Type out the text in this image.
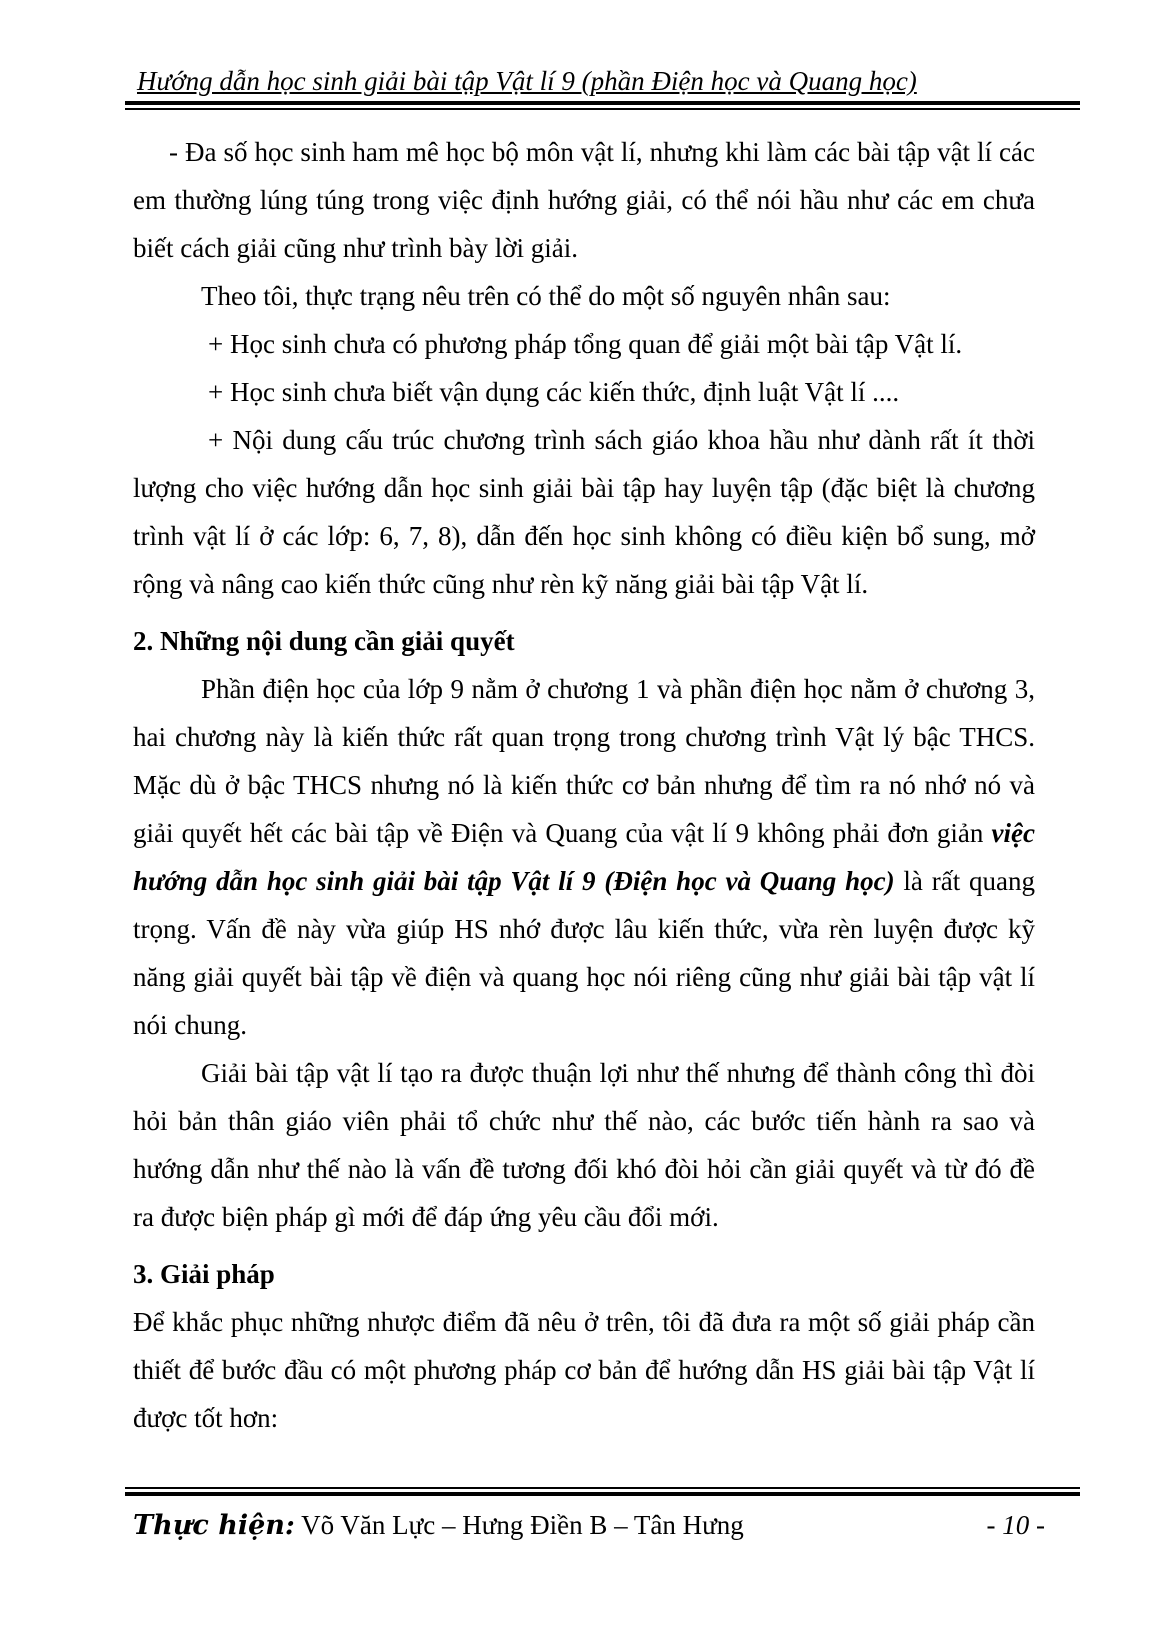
Hướng dẫn học sinh giải bài tập Vật lí 9 (phần Điện học và Quang học)

- Đa số học sinh ham mê học bộ môn vật lí, nhưng khi làm các bài tập vật lí các em thường lúng túng trong việc định hướng giải, có thể nói hầu như các em chưa biết cách giải cũng như trình bày lời giải.

Theo tôi, thực trạng nêu trên có thể do một số nguyên nhân sau:

+ Học sinh chưa có phương pháp tổng quan để giải một bài tập Vật lí.

+ Học sinh chưa biết vận dụng các kiến thức, định luật Vật lí ....

+ Nội dung cấu trúc chương trình sách giáo khoa hầu như dành rất ít thời lượng cho việc hướng dẫn học sinh giải bài tập hay luyện tập (đặc biệt là chương trình vật lí ở các lớp: 6, 7, 8), dẫn đến học sinh không có điều kiện bổ sung, mở rộng và nâng cao kiến thức cũng như rèn kỹ năng giải bài tập Vật lí.

2. Những nội dung cần giải quyết

Phần điện học của lớp 9 nằm ở chương 1 và phần điện học nằm ở chương 3, hai chương này là kiến thức rất quan trọng trong chương trình Vật lý bậc THCS. Mặc dù ở bậc THCS nhưng nó là kiến thức cơ bản nhưng để tìm ra nó nhớ nó và giải quyết hết các bài tập về Điện và Quang của vật lí 9 không phải đơn giản việc hướng dẫn học sinh giải bài tập Vật lí 9 (Điện học và Quang học) là rất quang trọng. Vấn đề này vừa giúp HS nhớ được lâu kiến thức, vừa rèn luyện được kỹ năng giải quyết bài tập về điện và quang học nói riêng cũng như giải bài tập vật lí nói chung.

Giải bài tập vật lí tạo ra được thuận lợi như thế nhưng để thành công thì đòi hỏi bản thân giáo viên phải tổ chức như thế nào, các bước tiến hành ra sao và hướng dẫn như thế nào là vấn đề tương đối khó đòi hỏi cần giải quyết và từ đó đề ra được biện pháp gì mới để đáp ứng yêu cầu đổi mới.

3. Giải pháp

Để khắc phục những nhược điểm đã nêu ở trên, tôi đã đưa ra một số giải pháp cần thiết để bước đầu có một phương pháp cơ bản để hướng dẫn HS giải bài tập Vật lí được tốt hơn:

Thực hiện: Võ Văn Lực – Hưng Điền B – Tân Hưng	- 10 -
